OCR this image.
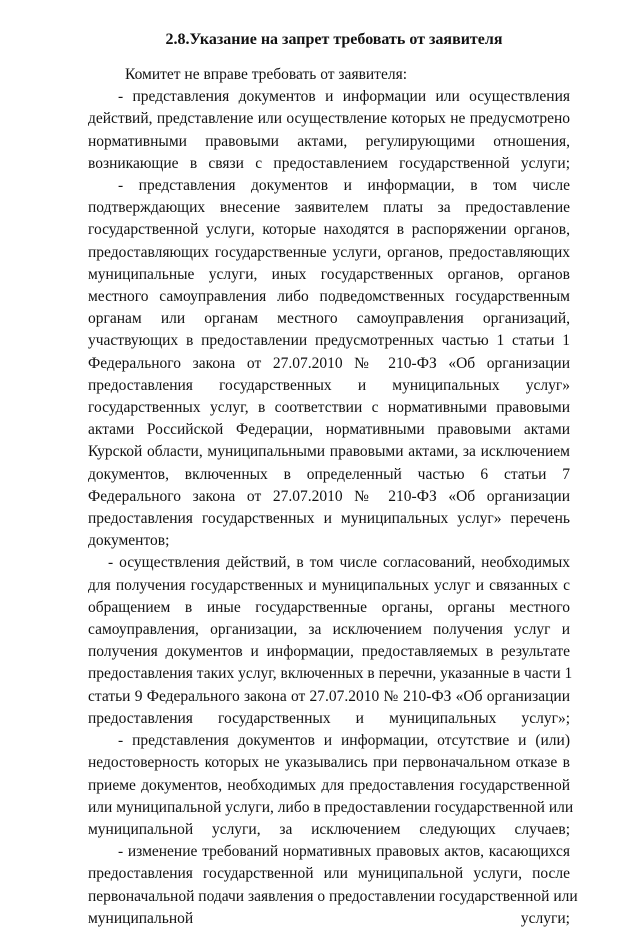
2.8.Указание на запрет требовать от заявителя
Комитет не вправе требовать от заявителя:
- представления документов и информации или осуществления
действий, представление или осуществление которых не предусмотрено
нормативными правовыми актами, регулирующими отношения,
возникающие в связи с предоставлением государственной услуги;
- представления документов и информации, в том числе
подтверждающих внесение заявителем платы за предоставление
государственной услуги, которые находятся в распоряжении органов,
предоставляющих государственные услуги, органов, предоставляющих
муниципальные услуги, иных государственных органов, органов
местного самоуправления либо подведомственных государственным
органам или органам местного самоуправления организаций,
участвующих в предоставлении предусмотренных частью 1 статьи 1
Федерального закона от 27.07.2010 № 210-ФЗ «Об организации
предоставления государственных и муниципальных услуг»
государственных услуг, в соответствии с нормативными правовыми
актами Российской Федерации, нормативными правовыми актами
Курской области, муниципальными правовыми актами, за исключением
документов, включенных в определенный частью 6 статьи 7
Федерального закона от 27.07.2010 № 210-ФЗ «Об организации
предоставления государственных и муниципальных услуг» перечень
документов;
- осуществления действий, в том числе согласований, необходимых
для получения государственных и муниципальных услуг и связанных с
обращением в иные государственные органы, органы местного
самоуправления, организации, за исключением получения услуг и
получения документов и информации, предоставляемых в результате
предоставления таких услуг, включенных в перечни, указанные в части 1
статьи 9 Федерального закона от 27.07.2010 № 210-ФЗ «Об организации
предоставления государственных и муниципальных услуг»;
- представления документов и информации, отсутствие и (или)
недостоверность которых не указывались при первоначальном отказе в
приеме документов, необходимых для предоставления государственной
или муниципальной услуги, либо в предоставлении государственной или
муниципальной услуги, за исключением следующих случаев;
- изменение требований нормативных правовых актов, касающихся
предоставления государственной или муниципальной услуги, после
первоначальной подачи заявления о предоставлении государственной или
муниципальной услуги;
